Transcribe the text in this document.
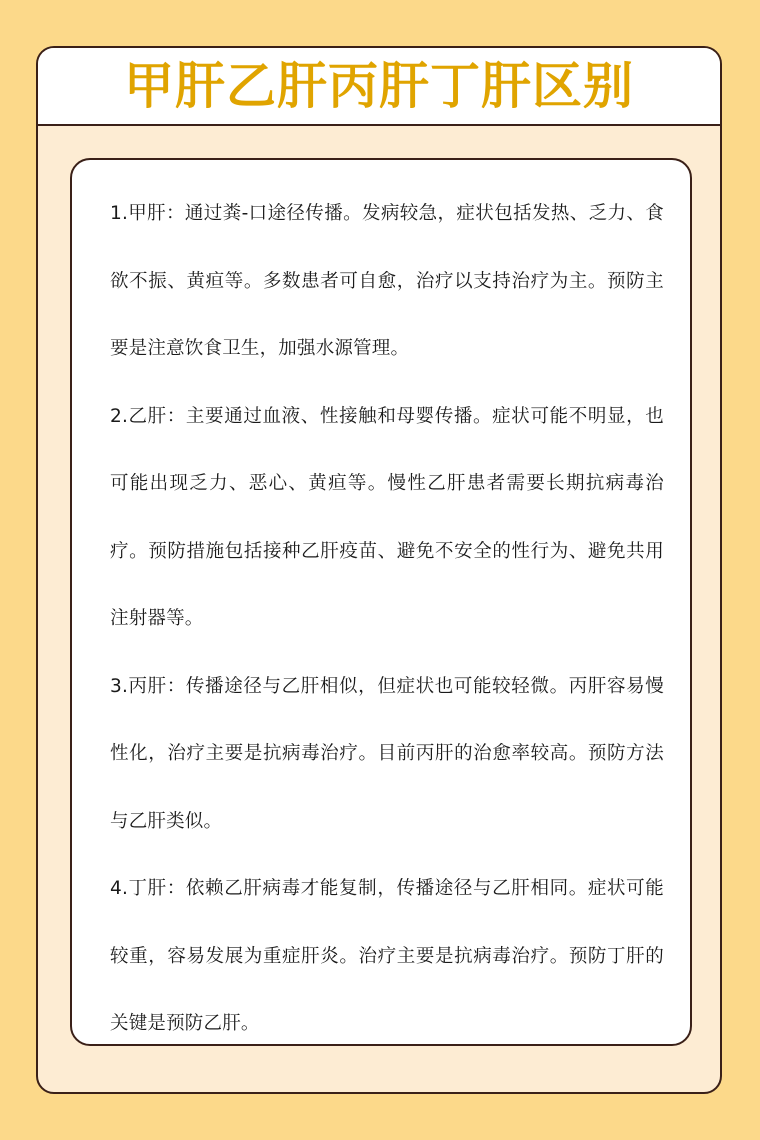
甲肝乙肝丙肝丁肝区别

1.甲肝：通过粪-口途径传播。发病较急，症状包括发热、乏力、食欲不振、黄疸等。多数患者可自愈，治疗以支持治疗为主。预防主要是注意饮食卫生，加强水源管理。

2.乙肝：主要通过血液、性接触和母婴传播。症状可能不明显，也可能出现乏力、恶心、黄疸等。慢性乙肝患者需要长期抗病毒治疗。预防措施包括接种乙肝疫苗、避免不安全的性行为、避免共用注射器等。

3.丙肝：传播途径与乙肝相似，但症状也可能较轻微。丙肝容易慢性化，治疗主要是抗病毒治疗。目前丙肝的治愈率较高。预防方法与乙肝类似。

4.丁肝：依赖乙肝病毒才能复制，传播途径与乙肝相同。症状可能较重，容易发展为重症肝炎。治疗主要是抗病毒治疗。预防丁肝的关键是预防乙肝。
